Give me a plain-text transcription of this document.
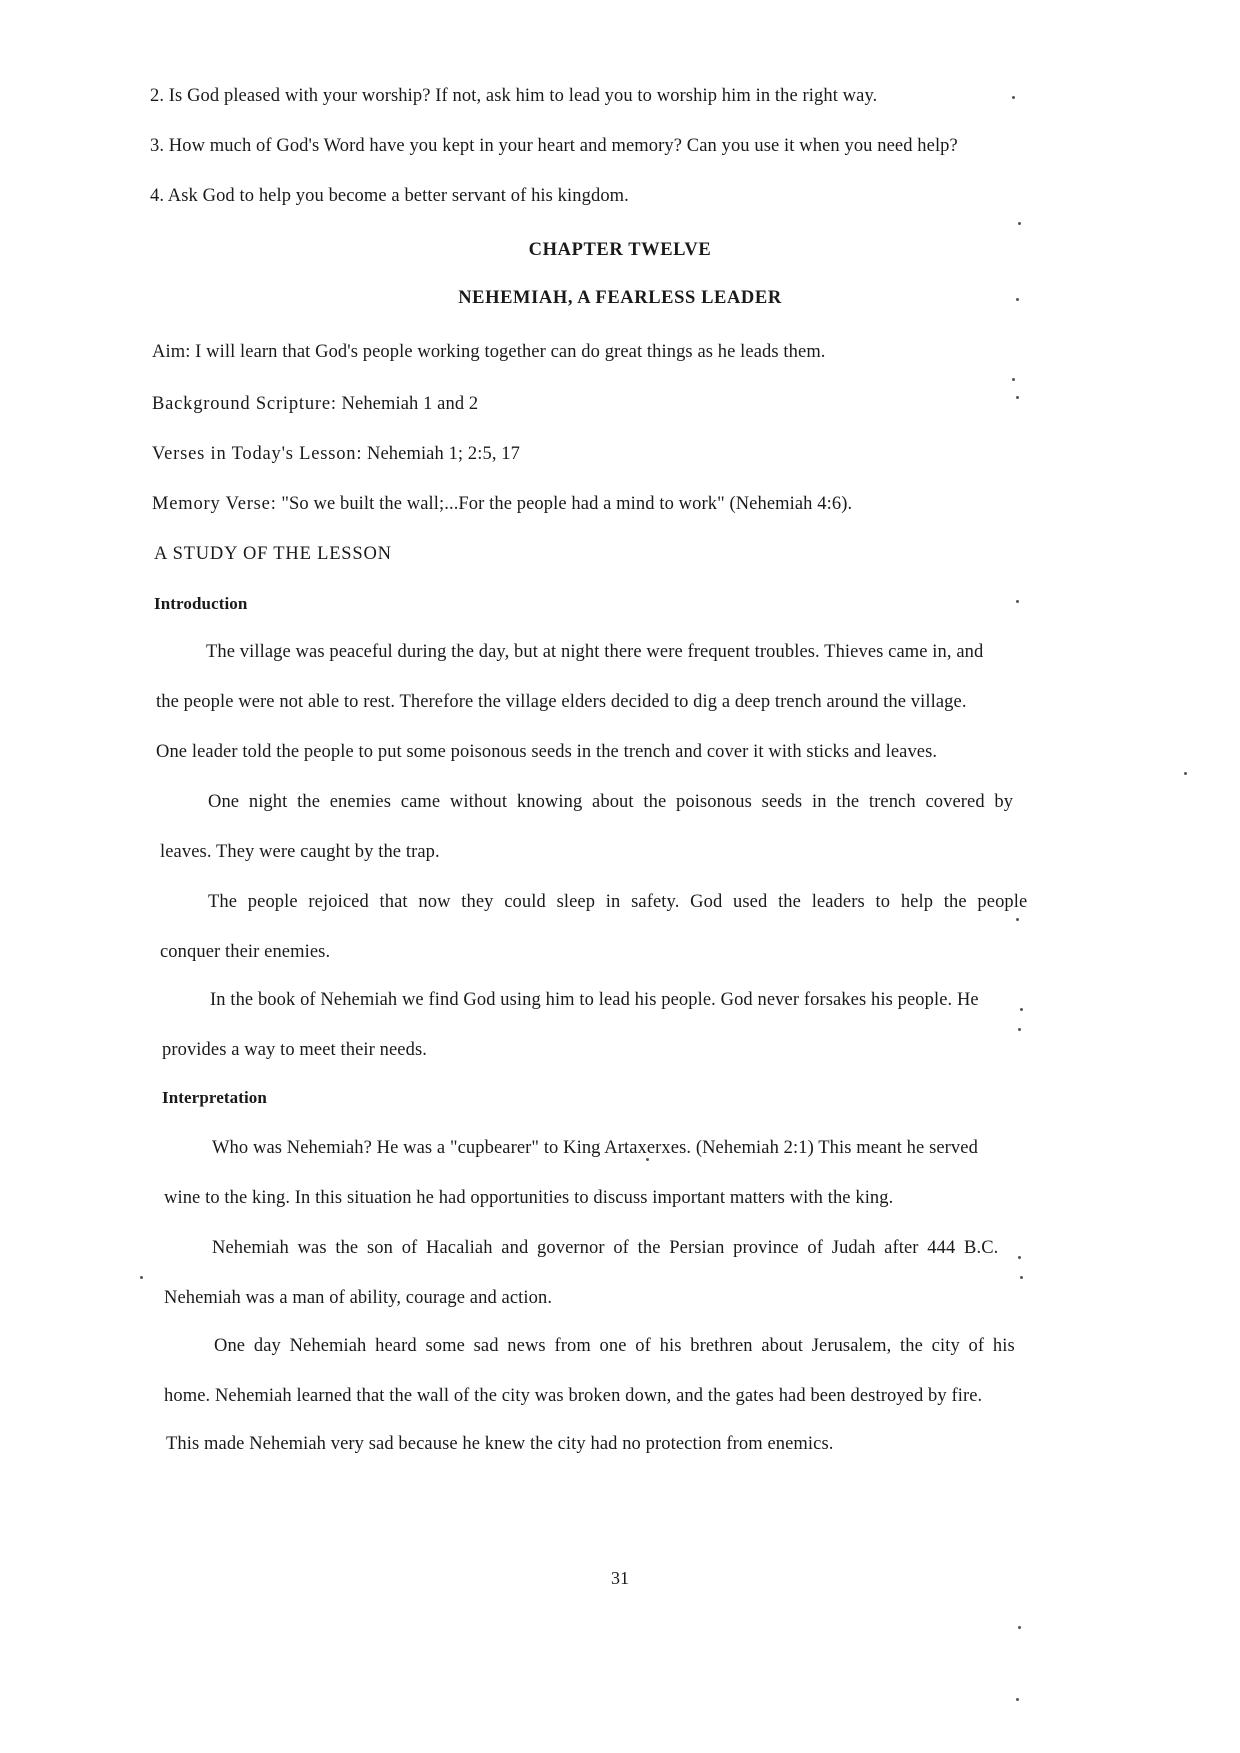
2. Is God pleased with your worship? If not, ask him to lead you to worship him in the right way.
3. How much of God's Word have you kept in your heart and memory? Can you use it when you need help?
4. Ask God to help you become a better servant of his kingdom.
CHAPTER TWELVE
NEHEMIAH, A FEARLESS LEADER
Aim: I will learn that God's people working together can do great things as he leads them.
Background Scripture: Nehemiah 1 and 2
Verses in Today's Lesson: Nehemiah 1; 2:5, 17
Memory Verse: "So we built the wall;...For the people had a mind to work" (Nehemiah 4:6).
A STUDY OF THE LESSON
Introduction
The village was peaceful during the day, but at night there were frequent troubles. Thieves came in, and
the people were not able to rest. Therefore the village elders decided to dig a deep trench around the village.
One leader told the people to put some poisonous seeds in the trench and cover it with sticks and leaves.
One night the enemies came without knowing about the poisonous seeds in the trench covered by
leaves. They were caught by the trap.
The people rejoiced that now they could sleep in safety. God used the leaders to help the people
conquer their enemies.
In the book of Nehemiah we find God using him to lead his people. God never forsakes his people. He
provides a way to meet their needs.
Interpretation
Who was Nehemiah? He was a "cupbearer" to King Artaxerxes. (Nehemiah 2:1) This meant he served
wine to the king. In this situation he had opportunities to discuss important matters with the king.
Nehemiah was the son of Hacaliah and governor of the Persian province of Judah after 444 B.C.
Nehemiah was a man of ability, courage and action.
One day Nehemiah heard some sad news from one of his brethren about Jerusalem, the city of his
home. Nehemiah learned that the wall of the city was broken down, and the gates had been destroyed by fire.
This made Nehemiah very sad because he knew the city had no protection from enemics.
31
